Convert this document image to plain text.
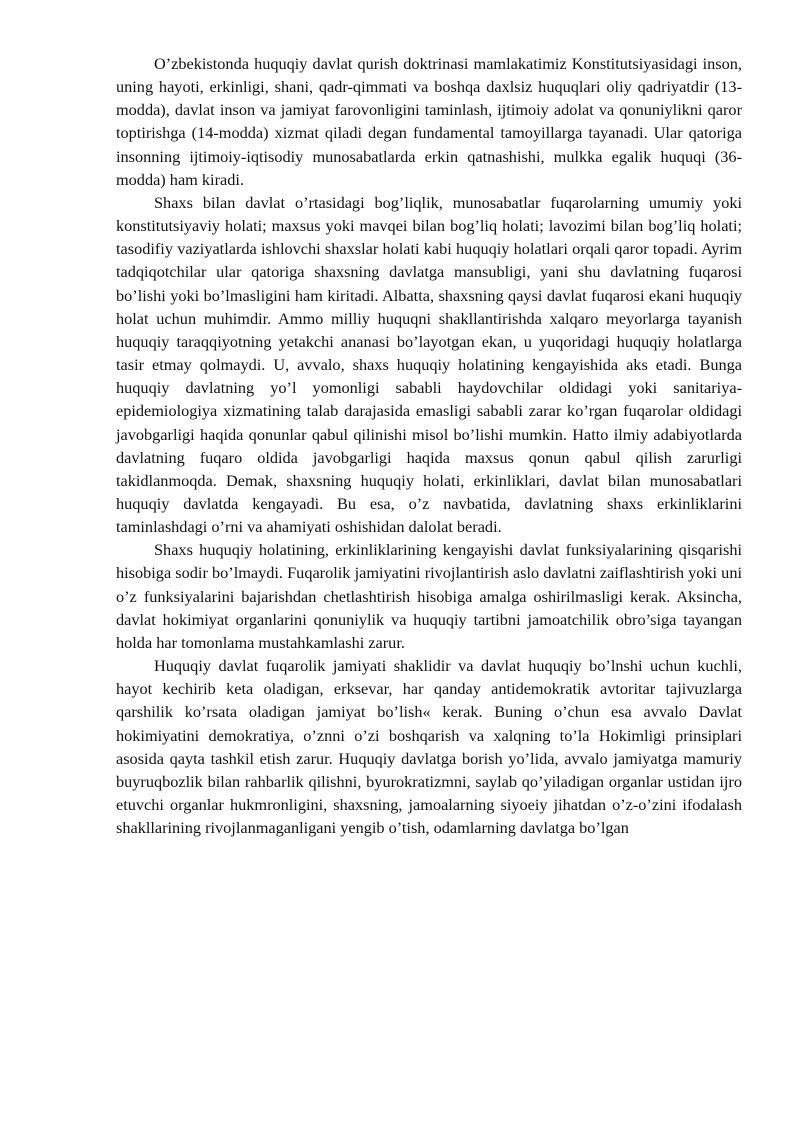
O’zbekistonda huquqiy davlat qurish doktrinasi mamlakatimiz Konstitutsiyasidagi inson, uning hayoti, erkinligi, shani, qadr-qimmati va boshqa daxlsiz huquqlari oliy qadriyatdir (13-modda), davlat inson va jamiyat farovonligini taminlash, ijtimoiy adolat va qonuniylikni qaror toptirishga (14-modda) xizmat qiladi degan fundamental tamoyillarga tayanadi. Ular qatoriga insonning ijtimoiy-iqtisodiy munosabatlarda erkin qatnashishi, mulkka egalik huquqi (36-modda) ham kiradi.

Shaxs bilan davlat o’rtasidagi bog’liqlik, munosabatlar fuqarolarning umumiy yoki konstitutsiyaviy holati; maxsus yoki mavqei bilan bog’liq holati; lavozimi bilan bog’liq holati; tasodifiy vaziyatlarda ishlovchi shaxslar holati kabi huquqiy holatlari orqali qaror topadi. Ayrim tadqiqotchilar ular qatoriga shaxsning davlatga mansubligi, yani shu davlatning fuqarosi bo’lishi yoki bo’lmasligini ham kiritadi. Albatta, shaxsning qaysi davlat fuqarosi ekani huquqiy holat uchun muhimdir. Ammo milliy huquqni shakllantirishda xalqaro meyorlarga tayanish huquqiy taraqqiyotning yetakchi ananasi bo’layotgan ekan, u yuqoridagi huquqiy holatlarga tasir etmay qolmaydi. U, avvalo, shaxs huquqiy holatining kengayishida aks etadi. Bunga huquqiy davlatning yo’l yomonligi sababli haydovchilar oldidagi yoki sanitariya-epidemiologiya xizmatining talab darajasida emasligi sababli zarar ko’rgan fuqarolar oldidagi javobgarligi haqida qonunlar qabul qilinishi misol bo’lishi mumkin. Hatto ilmiy adabiyotlarda davlatning fuqaro oldida javobgarligi haqida maxsus qonun qabul qilish zarurligi takidlanmoqda. Demak, shaxsning huquqiy holati, erkinliklari, davlat bilan munosabatlari huquqiy davlatda kengayadi. Bu esa, o’z navbatida, davlatning shaxs erkinliklarini taminlashdagi o’rni va ahamiyati oshishidan dalolat beradi.

Shaxs huquqiy holatining, erkinliklarining kengayishi davlat funksiyalarining qisqarishi hisobiga sodir bo’lmaydi. Fuqarolik jamiyatini rivojlantirish aslo davlatni zaiflashtirish yoki uni o’z funksiyalarini bajarishdan chetlashtirish hisobiga amalga oshirilmasligi kerak. Aksincha, davlat hokimiyat organlarini qonuniylik va huquqiy tartibni jamoatchilik obro’siga tayangan holda har tomonlama mustahkamlashi zarur.

Huquqiy davlat fuqarolik jamiyati shaklidir va davlat huquqiy bo’lnshi uchun kuchli, hayot kechirib keta oladigan, erksevar, har qanday antidemokratik avtoritar tajivuzlarga qarshilik ko’rsata oladigan jamiyat bo’lish« kerak. Buning o’chun esa avvalo Davlat hokimiyatini demokratiya, o’znni o’zi boshqarish va xalqning to’la Hokimligi prinsiplari asosida qayta tashkil etish zarur. Huquqiy davlatga borish yo’lida, avvalo jamiyatga mamuriy buyruqbozlik bilan rahbarlik qilishni, byurokratizmni, saylab qo’yiladigan organlar ustidan ijro etuvchi organlar hukmronligini, shaxsning, jamoalarning siyoeiy jihatdan o’z-o’zini ifodalash shakllarining rivojlanmaganligani yengib o’tish, odamlarning davlatga bo’lgan
